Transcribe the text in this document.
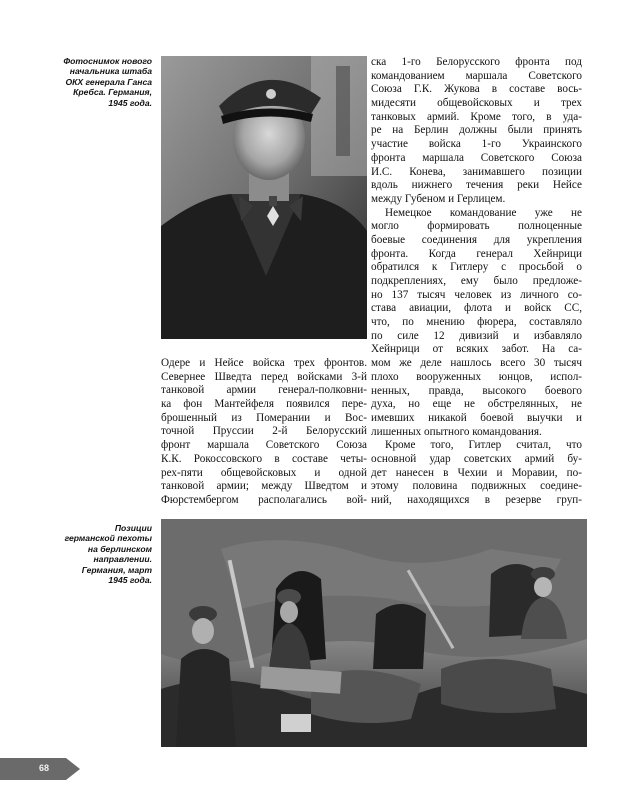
Фотоснимок нового
начальника штаба
ОКХ генерала Ганса
Кребса. Германия,
1945 года.
ска 1-го Белорусского фронта под
командованием маршала Советского
Союза Г.К. Жукова в составе вось-
мидесяти общевойсковых и трех
танковых армий. Кроме того, в уда-
ре на Берлин должны были принять
участие войска 1-го Украинского
фронта маршала Советского Союза
И.С. Конева, занимавшего позиции
вдоль нижнего течения реки Нейсе
между Губеном и Герлицем.
Немецкое командование уже не
могло формировать полноценные
боевые соединения для укрепления
фронта. Когда генерал Хейнрици
обратился к Гитлеру с просьбой о
подкреплениях, ему было предложе-
но 137 тысяч человек из личного со-
става авиации, флота и войск СС,
что, по мнению фюрера, составляло
по силе 12 дивизий и избавляло
Хейнрици от всяких забот. На са-
мом же деле нашлось всего 30 тысяч
плохо вооруженных юнцов, испол-
ненных, правда, высокого боевого
духа, но еще не обстрелянных, не
имевших никакой боевой выучки и
лишенных опытного командования.
Кроме того, Гитлер считал, что
основной удар советских армий бу-
дет нанесен в Чехии и Моравии, по-
этому половина подвижных соедине-
ний, находящихся в резерве груп-
Одере и Нейсе войска трех фронтов.
Севернее Шведта перед войсками 3-й
танковой армии генерал-полковни-
ка фон Мантейфеля появился пере-
брошенный из Померании и Вос-
точной Пруссии 2-й Белорусский
фронт маршала Советского Союза
К.К. Рокоссовского в составе четы-
рех-пяти общевойсковых и одной
танковой армии; между Шведтом и
Фюрстембергом располагались вой-
Позиции
германской пехоты
на берлинском
направлении.
Германия, март
1945 года.
68
